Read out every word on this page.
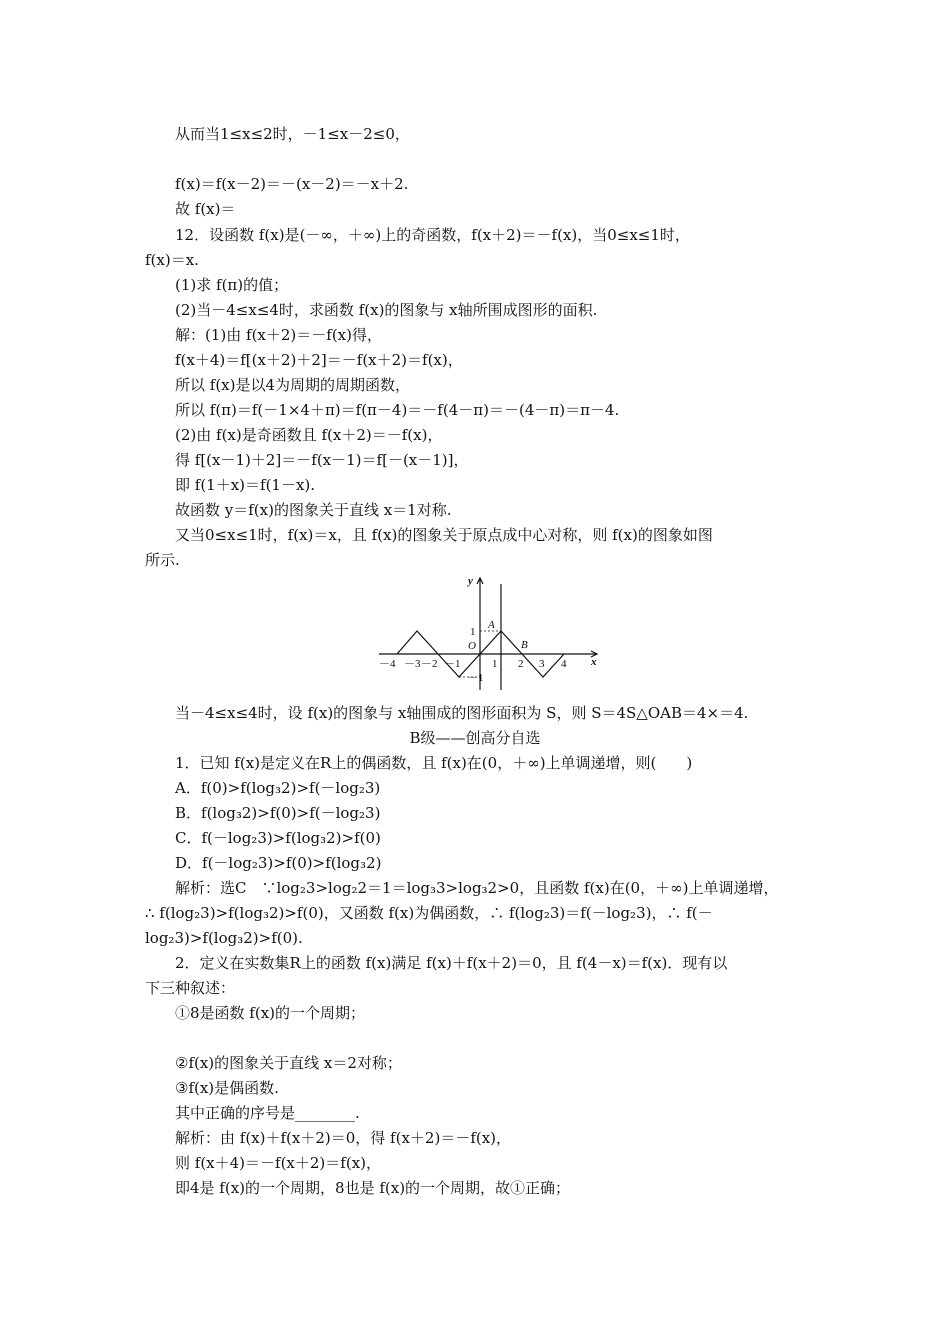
从而当1≤x≤2时，－1≤x－2≤0，
f(x)＝f(x－2)＝－(x－2)＝－x＋2.
故 f(x)＝
12．设函数 f(x)是(－∞，＋∞)上的奇函数，f(x＋2)＝－f(x)，当0≤x≤1时，
f(x)＝x.
(1)求 f(π)的值；
(2)当－4≤x≤4时，求函数 f(x)的图象与 x轴所围成图形的面积.
解：(1)由 f(x＋2)＝－f(x)得，
f(x＋4)＝f[(x＋2)＋2]＝－f(x＋2)＝f(x)，
所以 f(x)是以4为周期的周期函数，
所以 f(π)＝f(－1×4＋π)＝f(π－4)＝－f(4－π)＝－(4－π)＝π－4.
(2)由 f(x)是奇函数且 f(x＋2)＝－f(x)，
得 f[(x－1)＋2]＝－f(x－1)＝f[－(x－1)]，
即 f(1＋x)＝f(1－x).
故函数 y＝f(x)的图象关于直线 x＝1对称.
又当0≤x≤1时，f(x)＝x，且 f(x)的图象关于原点成中心对称，则 f(x)的图象如图
所示.
y
x
O
A
B
1
－1
－4 －3 －2 －1	1 2 3 4
当－4≤x≤4时，设 f(x)的图象与 x轴围成的图形面积为 S，则 S＝4S△OAB＝4×＝4.
B级——创高分自选
1．已知 f(x)是定义在R上的偶函数，且 f(x)在(0，＋∞)上单调递增，则(　　)
A．f(0)>f(log₃2)>f(－log₂3)
B．f(log₃2)>f(0)>f(－log₂3)
C．f(－log₂3)>f(log₃2)>f(0)
D．f(－log₂3)>f(0)>f(log₃2)
解析：选C　∵log₂3>log₂2＝1＝log₃3>log₃2>0，且函数 f(x)在(0，＋∞)上单调递增，
∴ f(log₂3)>f(log₃2)>f(0)，又函数 f(x)为偶函数，∴ f(log₂3)＝f(－log₂3)，∴ f(－
log₂3)>f(log₃2)>f(0).
2．定义在实数集R上的函数 f(x)满足 f(x)＋f(x＋2)＝0，且 f(4－x)＝f(x)．现有以
下三种叙述：
①8是函数 f(x)的一个周期；
②f(x)的图象关于直线 x＝2对称；
③f(x)是偶函数.
其中正确的序号是________.
解析：由 f(x)＋f(x＋2)＝0，得 f(x＋2)＝－f(x)，
则 f(x＋4)＝－f(x＋2)＝f(x)，
即4是 f(x)的一个周期，8也是 f(x)的一个周期，故①正确；
